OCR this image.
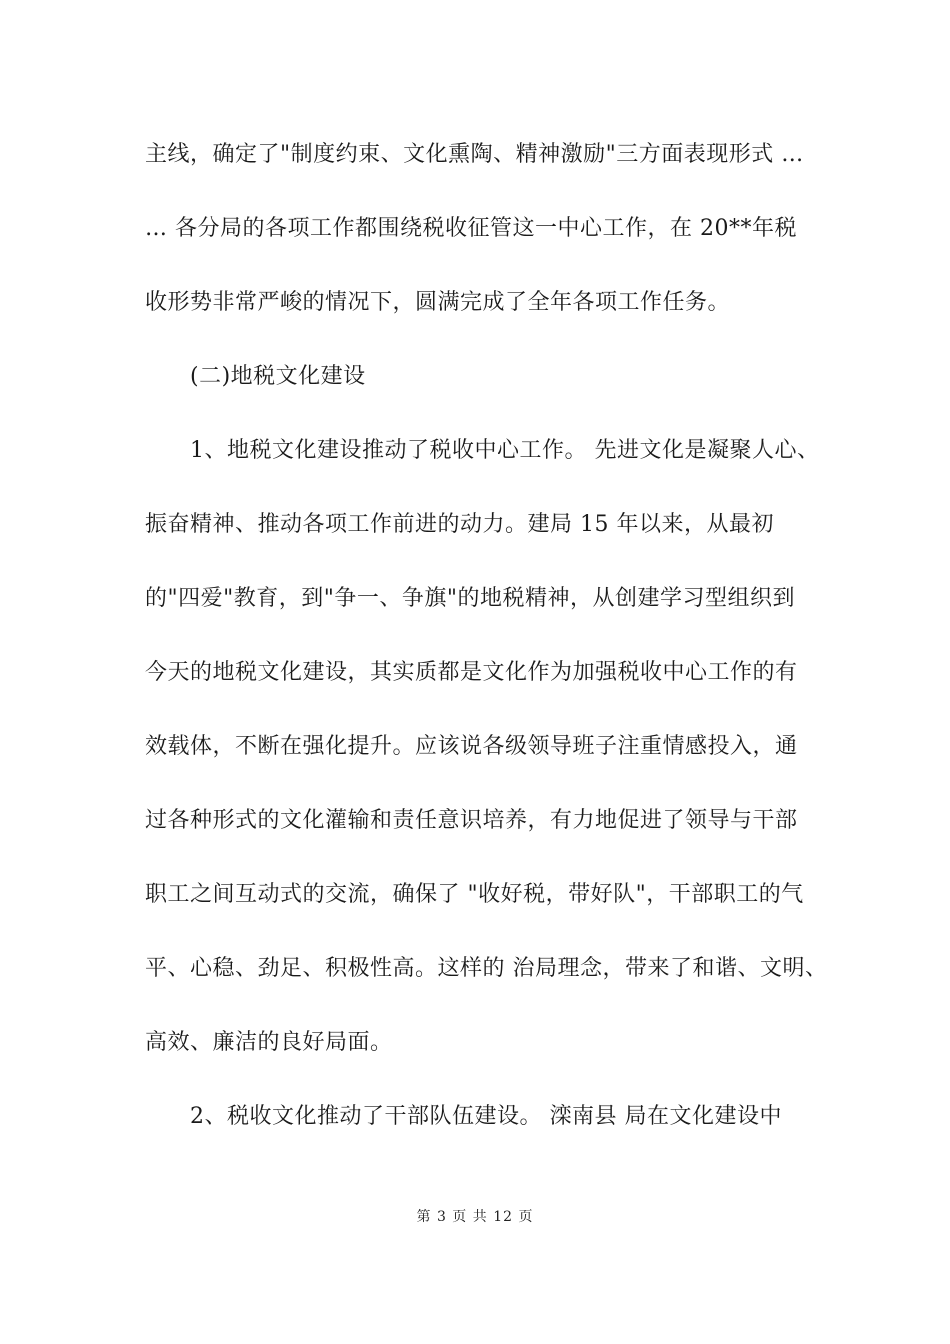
主线，确定了"制度约束、文化熏陶、精神激励"三方面表现形式 …
… 各分局的各项工作都围绕税收征管这一中心工作，在 20**年税
收形势非常严峻的情况下，圆满完成了全年各项工作任务。
　　(二)地税文化建设
　　1、地税文化建设推动了税收中心工作。 先进文化是凝聚人心、
振奋精神、推动各项工作前进的动力。建局 15 年以来，从最初
的"四爱"教育，到"争一、争旗"的地税精神，从创建学习型组织到
今天的地税文化建设，其实质都是文化作为加强税收中心工作的有
效载体，不断在强化提升。应该说各级领导班子注重情感投入，通
过各种形式的文化灌输和责任意识培养，有力地促进了领导与干部
职工之间互动式的交流，确保了 "收好税，带好队"，干部职工的气
平、心稳、劲足、积极性高。这样的 治局理念，带来了和谐、文明、
高效、廉洁的良好局面。
　　2、税收文化推动了干部队伍建设。 滦南县 局在文化建设中
第 3 页 共 12 页
